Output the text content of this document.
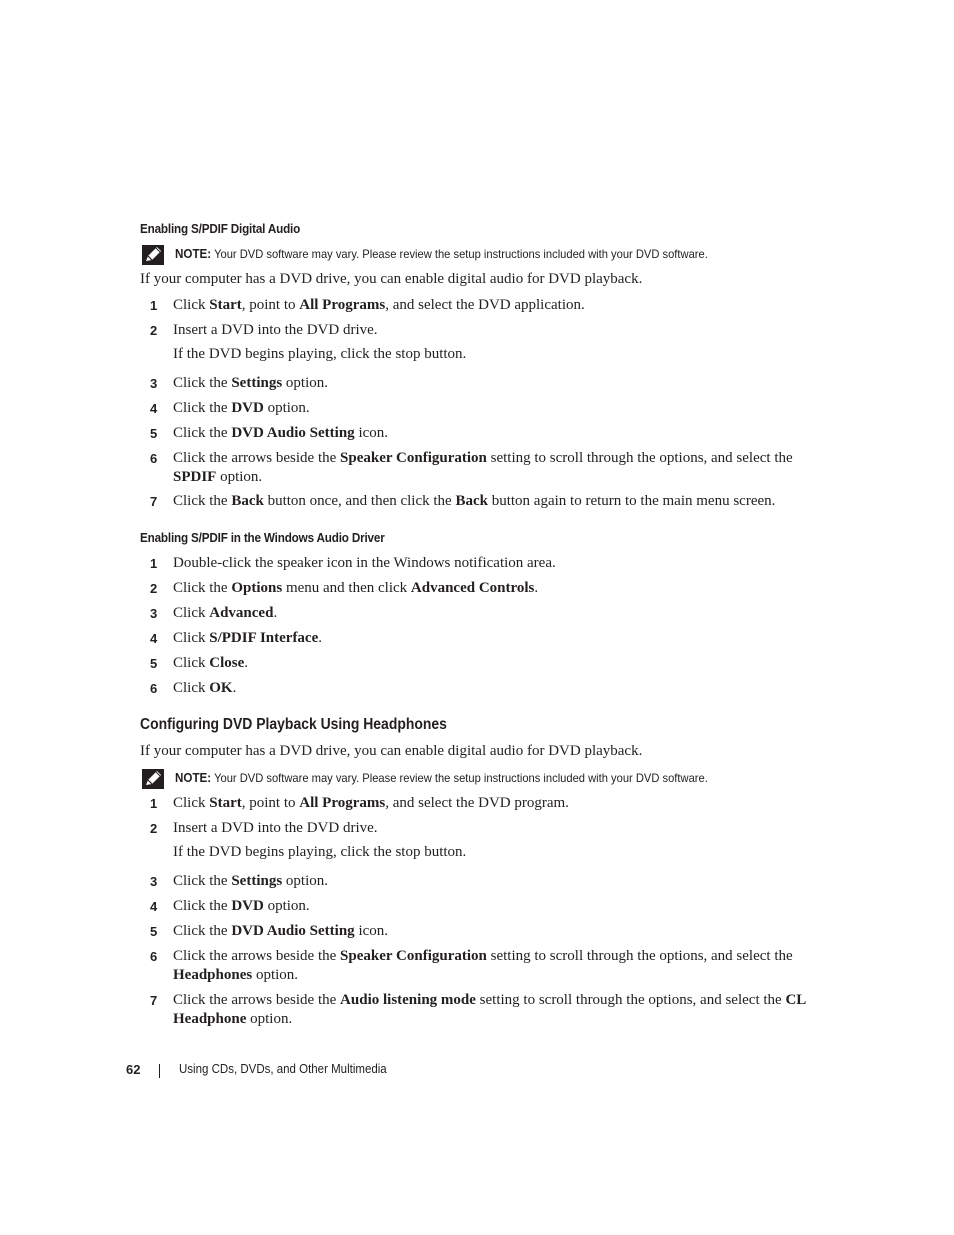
Enabling S/PDIF Digital Audio
NOTE: Your DVD software may vary. Please review the setup instructions included with your DVD software.
If your computer has a DVD drive, you can enable digital audio for DVD playback.
1 Click Start, point to All Programs, and select the DVD application.
2 Insert a DVD into the DVD drive.
If the DVD begins playing, click the stop button.
3 Click the Settings option.
4 Click the DVD option.
5 Click the DVD Audio Setting icon.
6 Click the arrows beside the Speaker Configuration setting to scroll through the options, and select the SPDIF option.
7 Click the Back button once, and then click the Back button again to return to the main menu screen.
Enabling S/PDIF in the Windows Audio Driver
1 Double-click the speaker icon in the Windows notification area.
2 Click the Options menu and then click Advanced Controls.
3 Click Advanced.
4 Click S/PDIF Interface.
5 Click Close.
6 Click OK.
Configuring DVD Playback Using Headphones
If your computer has a DVD drive, you can enable digital audio for DVD playback.
NOTE: Your DVD software may vary. Please review the setup instructions included with your DVD software.
1 Click Start, point to All Programs, and select the DVD program.
2 Insert a DVD into the DVD drive.
If the DVD begins playing, click the stop button.
3 Click the Settings option.
4 Click the DVD option.
5 Click the DVD Audio Setting icon.
6 Click the arrows beside the Speaker Configuration setting to scroll through the options, and select the Headphones option.
7 Click the arrows beside the Audio listening mode setting to scroll through the options, and select the CL Headphone option.
62	Using CDs, DVDs, and Other Multimedia
